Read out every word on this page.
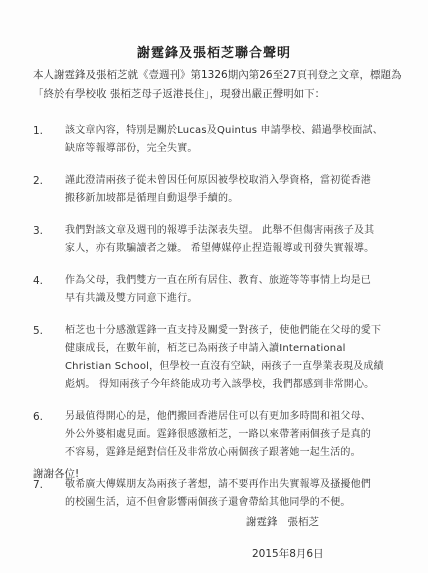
謝霆鋒及張栢芝聯合聲明
本人謝霆鋒及張栢芝就《壹週刊》第1326期內第26至27頁刊登之文章，標題為「終於有學校收 張栢芝母子返港長住」，現發出嚴正聲明如下：
1.	該文章內容，特別是關於Lucas及Quintus 申請學校、錯過學校面試、
缺席等報導部份，完全失實。
2.	謹此澄清兩孩子從未曾因任何原因被學校取消入學資格，當初從香港
搬移新加坡都是循理自動退學手續的。
3.	我們對該文章及週刊的報導手法深表失望。 此舉不但傷害兩孩子及其
家人，亦有欺騙讀者之嫌。 希望傳媒停止捏造報導或刊發失實報導。
4.	作為父母，我們雙方一直在所有居住、教育、旅遊等等事情上均是已
早有共識及雙方同意下進行。
5.	栢芝也十分感激霆鋒一直支持及關愛一對孩子，使他們能在父母的愛下
健康成長，在數年前，栢芝已為兩孩子申請入讀International
Christian School，但學校一直沒有空缺，兩孩子一直學業表現及成績
彪炳。 得知兩孩子今年終能成功考入該學校，我們都感到非常開心。
6.	另最值得開心的是，他們搬回香港居住可以有更加多時間和祖父母、
外公外婆相處見面。霆鋒很感激栢芝，一路以來帶著兩個孩子是真的
不容易，霆鋒是絕對信任及非常放心兩個孩子跟著她一起生活的。
7.	敬希廣大傳媒朋友為兩孩子著想，請不要再作出失實報導及搔擾他們
的校園生活，這不但會影響兩個孩子還會帶給其他同學的不便。
謝謝各位!
謝霆鋒 張栢芝
2015年8月6日
